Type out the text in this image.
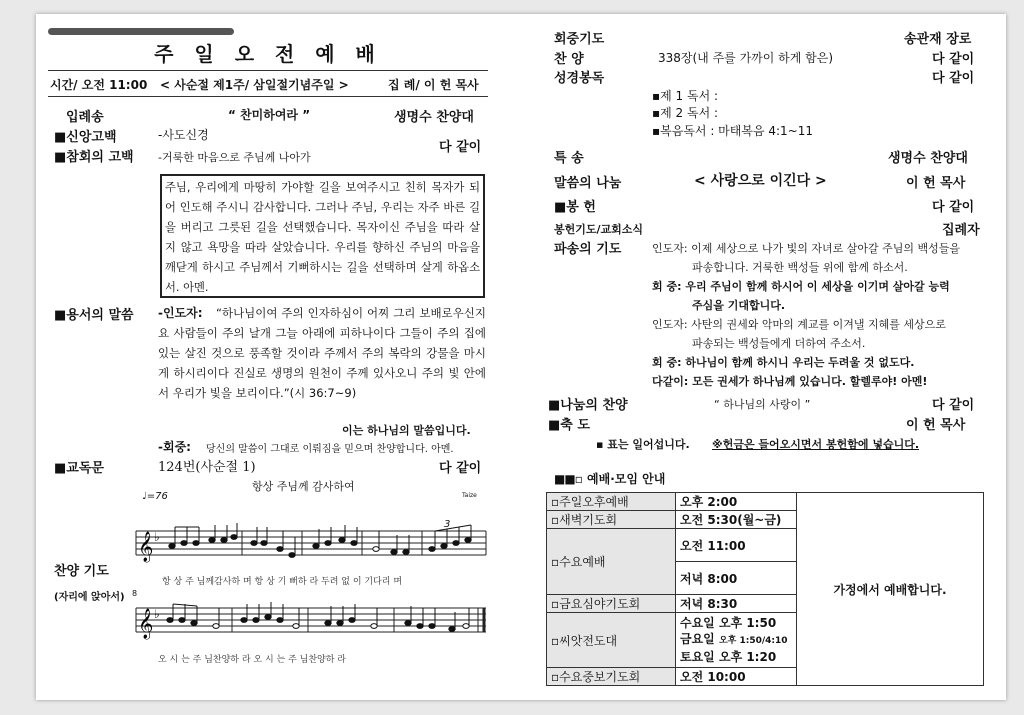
주 일 오 전 예 배
시간/ 오전 11:00 < 사순절 제1주/ 삼일절기념주일 >	집 례/ 이 헌 목사
입례송	“ 찬미하여라 ”	생명수 찬양대
■신앙고백	-사도신경
■참회의 고백 -거룩한 마음으로 주님께 나아가
다 같이
주님, 우리에게 마땅히 가야할 길을 보여주시고 친히 목자가 되어 인도해 주시니 감사합니다. 그러나 주님, 우리는 자주 바른 길을 버리고 그릇된 길을 선택했습니다. 목자이신 주님을 따라 살지 않고 욕망을 따라 살았습니다. 우리를 향하신 주님의 마음을 깨닫게 하시고 주님께서 기뻐하시는 길을 선택하며 살게 하옵소서. 아멘.
■용서의 말씀 -인도자:	“하나님이여 주의 인자하심이 어찌 그리 보배로우신지요 사람들이 주의 날개 그늘 아래에 피하나이다 그들이 주의 집에 있는 살진 것으로 풍족할 것이라 주께서 주의 복락의 강물을 마시게 하시리이다 진실로 생명의 원천이 주께 있사오니 주의 빛 안에서 우리가 빛을 보리이다.”(시 36:7~9)
이는 하나님의 말씀입니다.
-회중: 당신의 말씀이 그대로 이뤄짐을 믿으며 찬양합니다. 아멘.
■교독문	124번(사순절 1)	다 같이
찬양 기도
(자리에 앉아서)
항상 주님께 감사하여
♩=76	Taize
3
8
𝄞 ♭
항 상 주 님께감사하 며 항 상 기 뻐하 라 두려 없 이 기다리 며
𝄞 ♭
오 시 는 주 님찬양하 라 오 시 는 주 님찬양하 라
회중기도	송관재 장로
찬 양	338장(내 주를 가까이 하게 함은)	다 같이
성경봉독	다 같이
▪제 1 독서 :
▪제 2 독서 :
▪복음독서 : 마태복음 4:1~11
특 송	생명수 찬양대
말씀의 나눔	< 사랑으로 이긴다 >	이 헌 목사
■봉 헌	다 같이
봉헌기도/교회소식	집례자
파송의 기도	인도자: 이제 세상으로 나가 빛의 자녀로 살아갈 주님의 백성들을
파송합니다. 거룩한 백성들 위에 함께 하소서.
회 중: 우리 주님이 함께 하시어 이 세상을 이기며 살아갈 능력
주심을 기대합니다.
인도자: 사탄의 권세와 악마의 계교를 이겨낼 지혜를 세상으로
파송되는 백성들에게 더하여 주소서.
회 중: 하나님이 함께 하시니 우리는 두려울 것 없도다.
다같이: 모든 권세가 하나님께 있습니다. 할렐루야! 아멘!
■나눔의 찬양	“ 하나님의 사랑이 ”	다 같이
■축 도	이 헌 목사
▪ 표는 일어섭니다. ※헌금은 들어오시면서 봉헌함에 넣습니다.
■■▫ 예배·모임 안내
▫주일오후예배	오후 2:00	가정에서 예배합니다.
▫새벽기도회	오전 5:30(월~금)	
▫수요예배	오전 11:00	
	저녁 8:00	
▫금요심야기도회	저녁 8:30	
▫씨앗전도대	수요일 오후 1:50
금요일 오후 1:50/4:10
토요일 오후 1:20	

▫수요중보기도회	오전 10:00	
